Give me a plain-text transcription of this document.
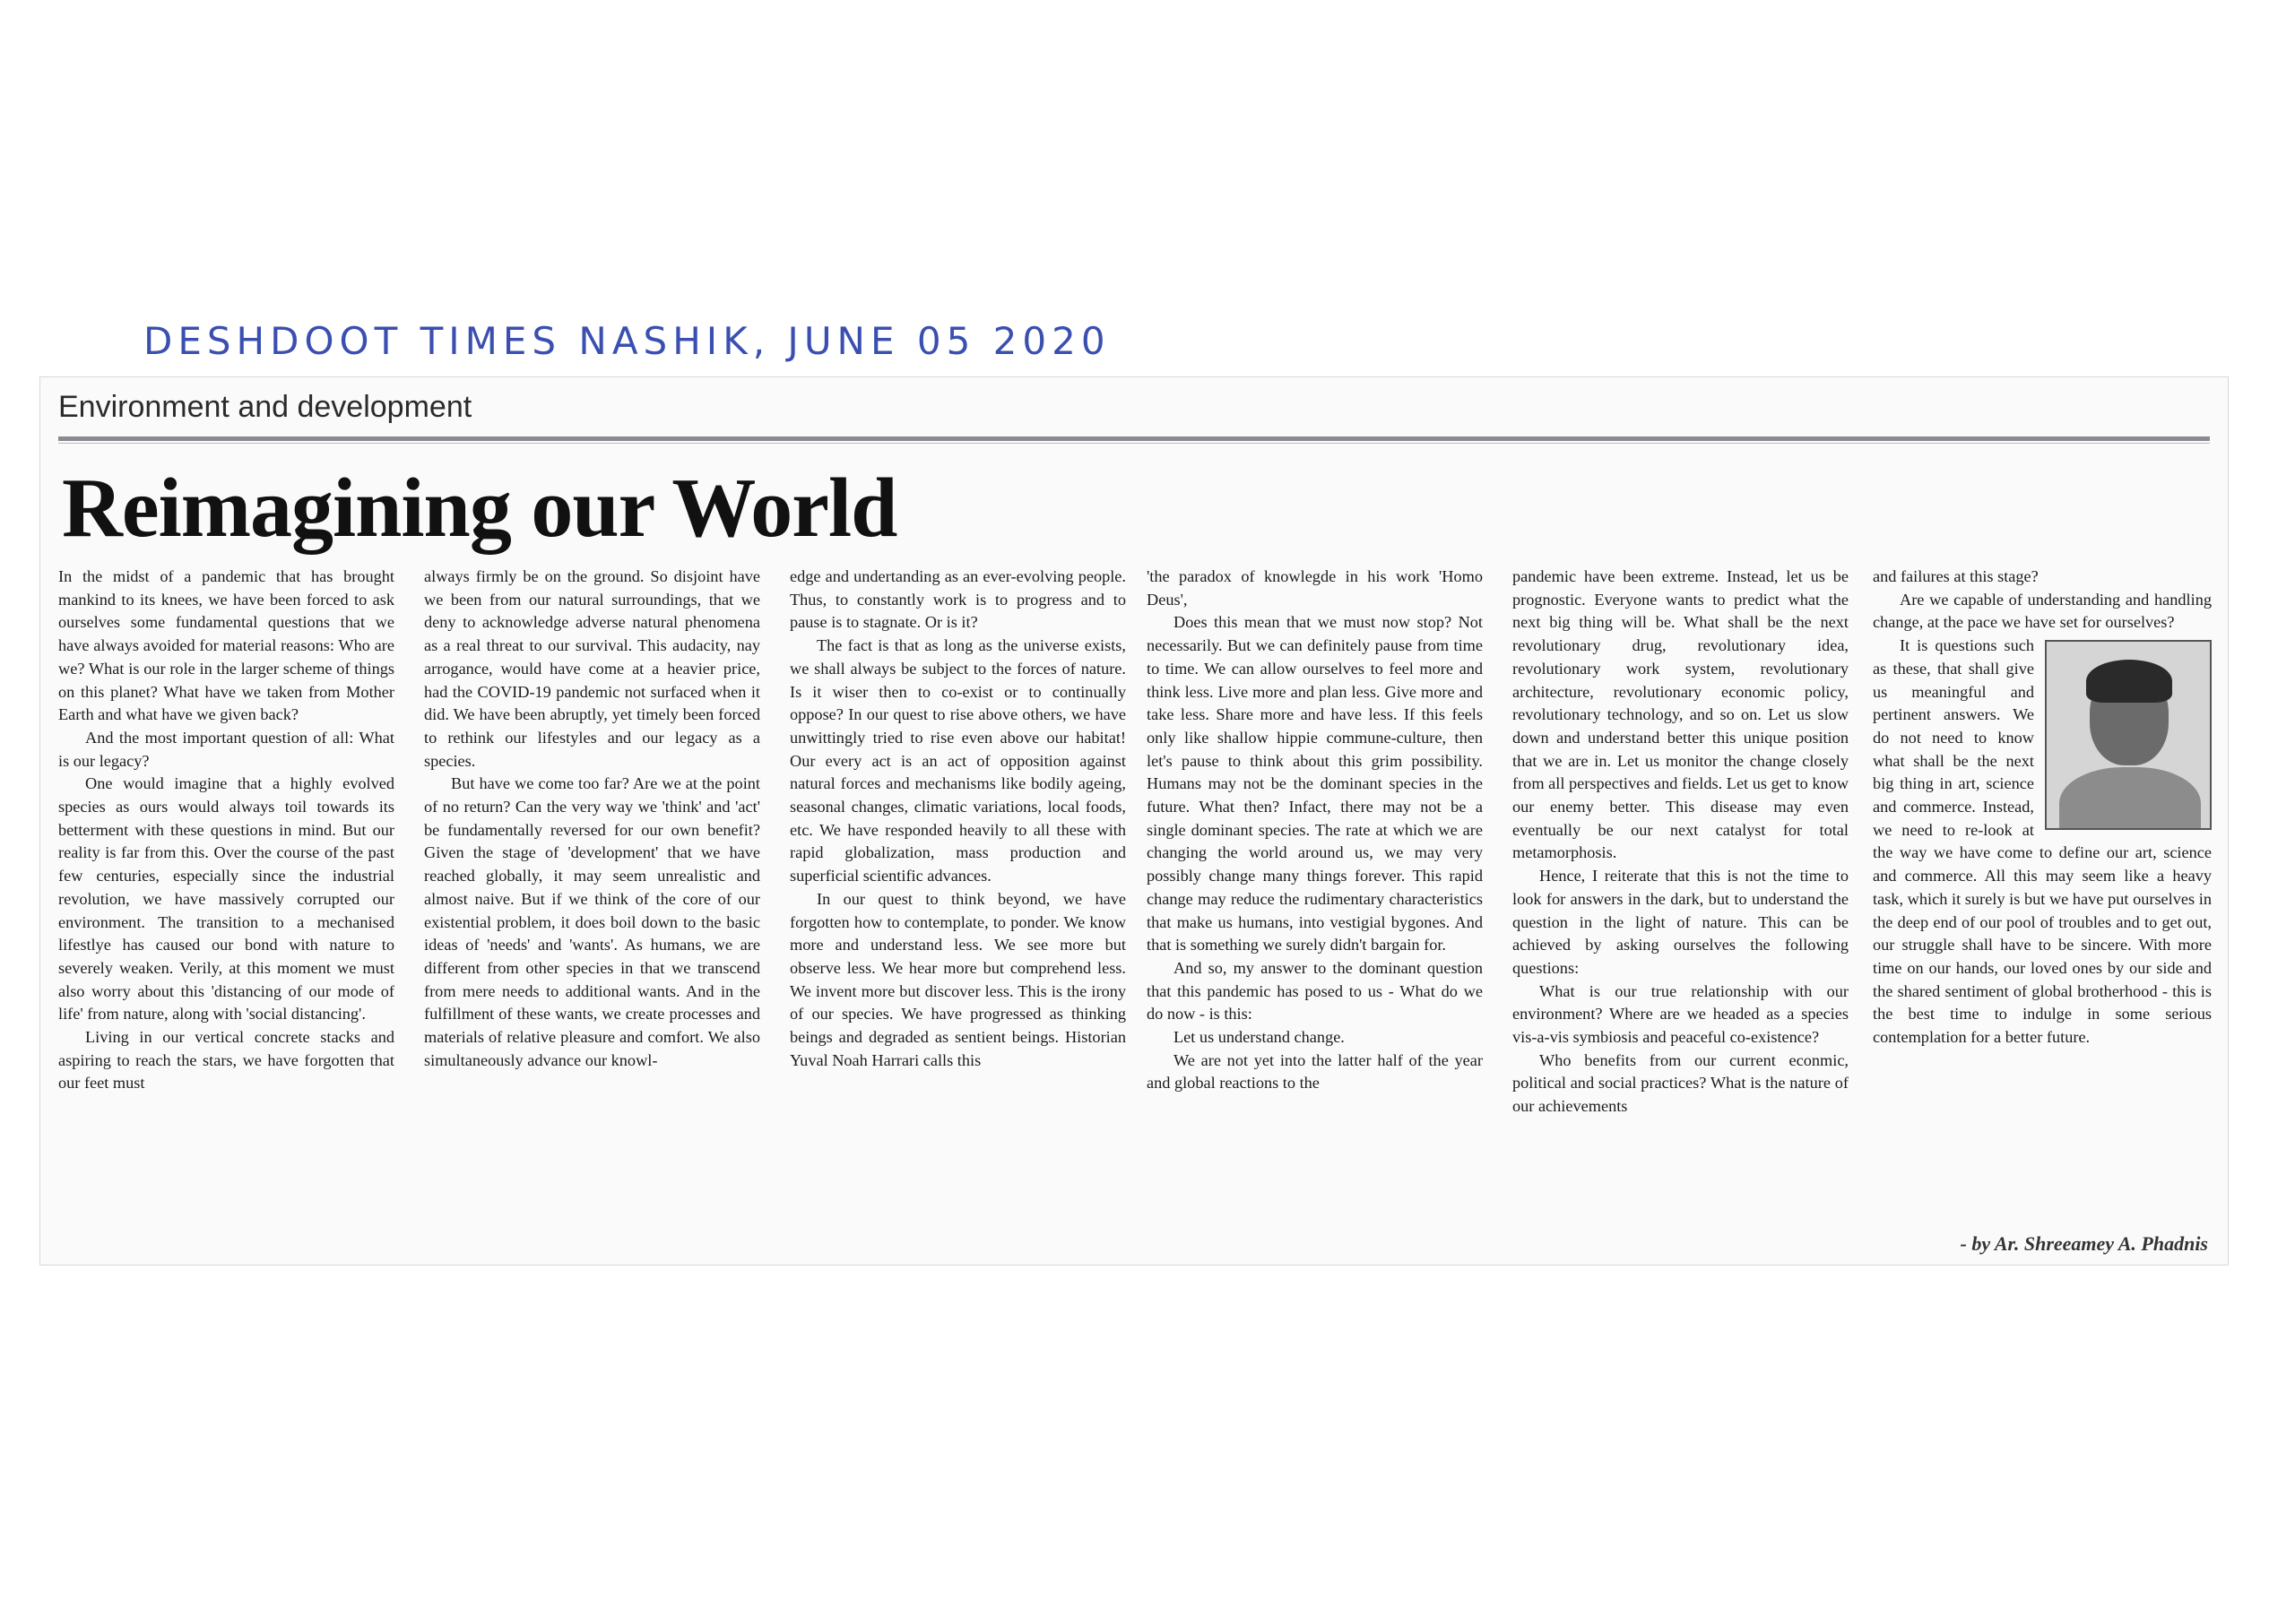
DESHDOOT TIMES NASHIK, JUNE 05 2020
Environment and development
Reimagining our World

In the midst of a pandemic that has brought mankind to its knees, we have been forced to ask ourselves some fundamental questions that we have always avoided for material reasons: Who are we? What is our role in the larger scheme of things on this planet? What have we taken from Mother Earth and what have we given back?

And the most important question of all: What is our legacy?

One would imagine that a highly evolved species as ours would always toil towards its betterment with these questions in mind. But our reality is far from this. Over the course of the past few centuries, especially since the industrial revolution, we have massively corrupted our environment. The transition to a mechanised lifestlye has caused our bond with nature to severely weaken. Verily, at this moment we must also worry about this 'distancing of our mode of life' from nature, along with 'social distancing'.

Living in our vertical concrete stacks and aspiring to reach the stars, we have forgotten that our feet must

always firmly be on the ground. So disjoint have we been from our natural surroundings, that we deny to acknowledge adverse natural phenomena as a real threat to our survival. This audacity, nay arrogance, would have come at a heavier price, had the COVID-19 pandemic not surfaced when it did. We have been abruptly, yet timely been forced to rethink our lifestyles and our legacy as a species.

But have we come too far? Are we at the point of no return? Can the very way we 'think' and 'act' be fundamentally reversed for our own benefit? Given the stage of 'development' that we have reached globally, it may seem unrealistic and almost naive. But if we think of the core of our existential problem, it does boil down to the basic ideas of 'needs' and 'wants'. As humans, we are different from other species in that we transcend from mere needs to additional wants. And in the fulfillment of these wants, we create processes and materials of relative pleasure and comfort. We also simultaneously advance our knowl-

edge and undertanding as an ever-evolving people. Thus, to constantly work is to progress and to pause is to stagnate. Or is it?

The fact is that as long as the universe exists, we shall always be subject to the forces of nature. Is it wiser then to co-exist or to continually oppose? In our quest to rise above others, we have unwittingly tried to rise even above our habitat! Our every act is an act of opposition against natural forces and mechanisms like bodily ageing, seasonal changes, climatic variations, local foods, etc. We have responded heavily to all these with rapid globalization, mass production and superficial scientific advances.

In our quest to think beyond, we have forgotten how to contemplate, to ponder. We know more and understand less. We see more but observe less. We hear more but comprehend less. We invent more but discover less. This is the irony of our species. We have progressed as thinking beings and degraded as sentient beings. Historian Yuval Noah Harrari calls this

'the paradox of knowlegde in his work 'Homo Deus',

Does this mean that we must now stop? Not necessarily. But we can definitely pause from time to time. We can allow ourselves to feel more and think less. Live more and plan less. Give more and take less. Share more and have less. If this feels only like shallow hippie commune-culture, then let's pause to think about this grim possibility. Humans may not be the dominant species in the future. What then? Infact, there may not be a single dominant species. The rate at which we are changing the world around us, we may very possibly change many things forever. This rapid change may reduce the rudimentary characteristics that make us humans, into vestigial bygones. And that is something we surely didn't bargain for.

And so, my answer to the dominant question that this pandemic has posed to us - What do we do now - is this:

Let us understand change.

We are not yet into the latter half of the year and global reactions to the

pandemic have been extreme. Instead, let us be prognostic. Everyone wants to predict what the next big thing will be. What shall be the next revolutionary drug, revolutionary idea, revolutionary work system, revolutionary architecture, revolutionary economic policy, revolutionary technology, and so on. Let us slow down and understand better this unique position that we are in. Let us monitor the change closely from all perspectives and fields. Let us get to know our enemy better. This disease may even eventually be our next catalyst for total metamorphosis.

Hence, I reiterate that this is not the time to look for answers in the dark, but to understand the question in the light of nature. This can be achieved by asking ourselves the following questions:

What is our true relationship with our environment? Where are we headed as a species vis-a-vis symbiosis and peaceful co-existence?

Who benefits from our current econmic, political and social practices? What is the nature of our achievements

and failures at this stage?

Are we capable of understanding and handling change, at the pace we have set for ourselves?

It is questions such as these, that shall give us meaningful and pertinent answers. We do not need to know what shall be the next big thing in art, science and commerce. Instead, we need to re-look at the way we have come to define our art, science and commerce. All this may seem like a heavy task, which it surely is but we have put ourselves in the deep end of our pool of troubles and to get out, our struggle shall have to be sincere. With more time on our hands, our loved ones by our side and the shared sentiment of global brotherhood - this is the best time to indulge in some serious contemplation for a better future.

- by Ar. Shreeamey A. Phadnis
